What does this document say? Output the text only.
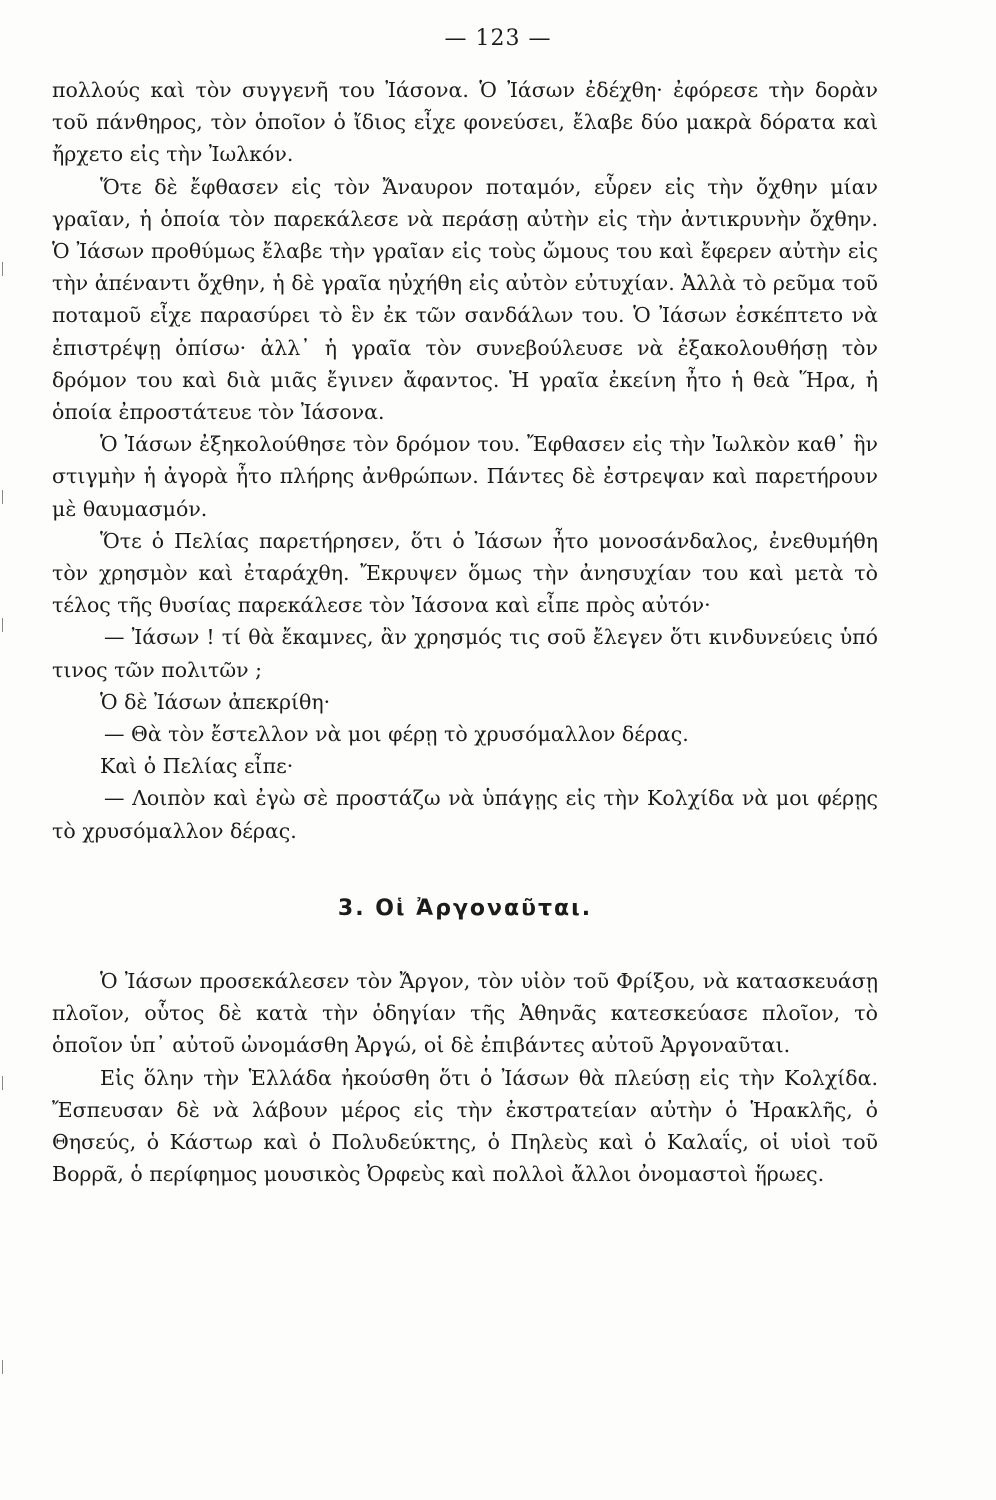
— 123 —

πολλούς καὶ τὸν συγγενῆ του Ἰάσονα. Ὁ Ἰάσων ἐδέχθη· ἐφόρεσε τὴν δορὰν τοῦ πάνθηρος, τὸν ὁποῖον ὁ ἴδιος εἶχε φονεύσει, ἔλαβε δύο μακρὰ δόρατα καὶ ἤρχετο εἰς τὴν Ἰωλκόν.

Ὅτε δὲ ἔφθασεν εἰς τὸν Ἄναυρον ποταμόν, εὗρεν εἰς τὴν ὄχθην μίαν γραῖαν, ἡ ὁποία τὸν παρεκάλεσε νὰ περάσῃ αὐτὴν εἰς τὴν ἀντικρυνὴν ὄχθην. Ὁ Ἰάσων προθύμως ἔλαβε τὴν γραῖαν εἰς τοὺς ὤμους του καὶ ἔφερεν αὐτὴν εἰς τὴν ἀπέναντι ὄχθην, ἡ δὲ γραῖα ηὐχήθη εἰς αὐτὸν εὐτυχίαν. Ἀλλὰ τὸ ρεῦμα τοῦ ποταμοῦ εἶχε παρασύρει τὸ ἓν ἐκ τῶν σανδάλων του. Ὁ Ἰάσων ἐσκέπτετο νὰ ἐπιστρέψῃ ὀπίσω· ἀλλ᾽ ἡ γραῖα τὸν συνεβούλευσε νὰ ἐξακολουθήσῃ τὸν δρόμον του καὶ διὰ μιᾶς ἔγινεν ἄφαντος. Ἡ γραῖα ἐκείνη ἦτο ἡ θεὰ Ἥρα, ἡ ὁποία ἐπροστάτευε τὸν Ἰάσονα.

Ὁ Ἰάσων ἐξηκολούθησε τὸν δρόμον του. Ἔφθασεν εἰς τὴν Ἰωλκὸν καθ᾽ ἣν στιγμὴν ἡ ἀγορὰ ἦτο πλήρης ἀνθρώπων. Πάντες δὲ ἐστρεψαν καὶ παρετήρουν μὲ θαυμασμόν.

Ὅτε ὁ Πελίας παρετήρησεν, ὅτι ὁ Ἰάσων ἦτο μονοσάνδαλος, ἐνεθυμήθη τὸν χρησμὸν καὶ ἐταράχθη. Ἔκρυψεν ὅμως τὴν ἀνησυχίαν του καὶ μετὰ τὸ τέλος τῆς θυσίας παρεκάλεσε τὸν Ἰάσονα καὶ εἶπε πρὸς αὐτόν·

— Ἰάσων ! τί θὰ ἔκαμνες, ἂν χρησμός τις σοῦ ἔλεγεν ὅτι κινδυνεύεις ὑπό τινος τῶν πολιτῶν ;

Ὁ δὲ Ἰάσων ἀπεκρίθη·

— Θὰ τὸν ἔστελλον νὰ μοι φέρῃ τὸ χρυσόμαλλον δέρας.

Καὶ ὁ Πελίας εἶπε·

— Λοιπὸν καὶ ἐγὼ σὲ προστάζω νὰ ὑπάγῃς εἰς τὴν Κολχίδα νὰ μοι φέρῃς τὸ χρυσόμαλλον δέρας.

3. Οἱ Ἀργοναῦται.

Ὁ Ἰάσων προσεκάλεσεν τὸν Ἄργον, τὸν υἱὸν τοῦ Φρίξου, νὰ κατασκευάσῃ πλοῖον, οὗτος δὲ κατὰ τὴν ὁδηγίαν τῆς Ἀθηνᾶς κατεσκεύασε πλοῖον, τὸ ὁποῖον ὑπ᾽ αὐτοῦ ὠνομάσθη Ἀργώ, οἱ δὲ ἐπιβάντες αὐτοῦ Ἀργοναῦται.

Εἰς ὅλην τὴν Ἑλλάδα ἠκούσθη ὅτι ὁ Ἰάσων θὰ πλεύσῃ εἰς τὴν Κολχίδα. Ἔσπευσαν δὲ νὰ λάβουν μέρος εἰς τὴν ἐκστρατείαν αὐτὴν ὁ Ἡρακλῆς, ὁ Θησεύς, ὁ Κάστωρ καὶ ὁ Πολυδεύκτης, ὁ Πηλεὺς καὶ ὁ Καλαΐς, οἱ υἱοὶ τοῦ Βορρᾶ, ὁ περίφημος μουσικὸς Ὀρφεὺς καὶ πολλοὶ ἄλλοι ὀνομαστοὶ ἥρωες.
